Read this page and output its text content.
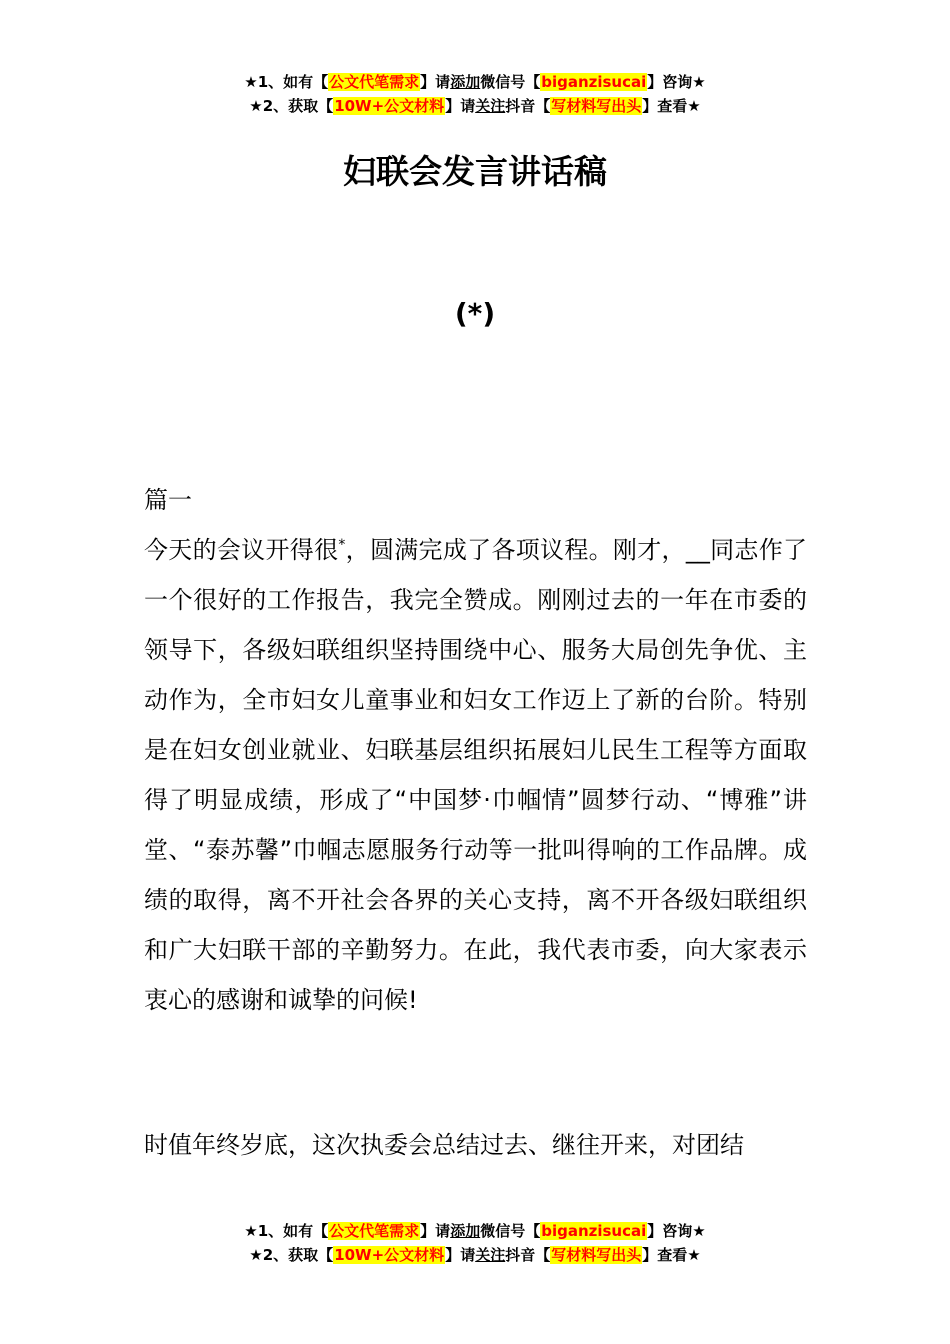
★1、如有【公文代笔需求】请添加微信号【biganzisucai】咨询★
★2、获取【10W+公文材料】请关注抖音【写材料写出头】查看★
妇联会发言讲话稿
(*)
篇一
今天的会议开得很*，圆满完成了各项议程。刚才，__同志作了一个很好的工作报告，我完全赞成。刚刚过去的一年在市委的领导下，各级妇联组织坚持围绕中心、服务大局创先争优、主动作为，全市妇女儿童事业和妇女工作迈上了新的台阶。特别是在妇女创业就业、妇联基层组织拓展妇儿民生工程等方面取得了明显成绩，形成了“中国梦·巾帼情”圆梦行动、“博雅”讲堂、“泰苏馨”巾帼志愿服务行动等一批叫得响的工作品牌。成绩的取得，离不开社会各界的关心支持，离不开各级妇联组织和广大妇联干部的辛勤努力。在此，我代表市委，向大家表示衷心的感谢和诚挚的问候!
时值年终岁底，这次执委会总结过去、继往开来，对团结
★1、如有【公文代笔需求】请添加微信号【biganzisucai】咨询★
★2、获取【10W+公文材料】请关注抖音【写材料写出头】查看★
